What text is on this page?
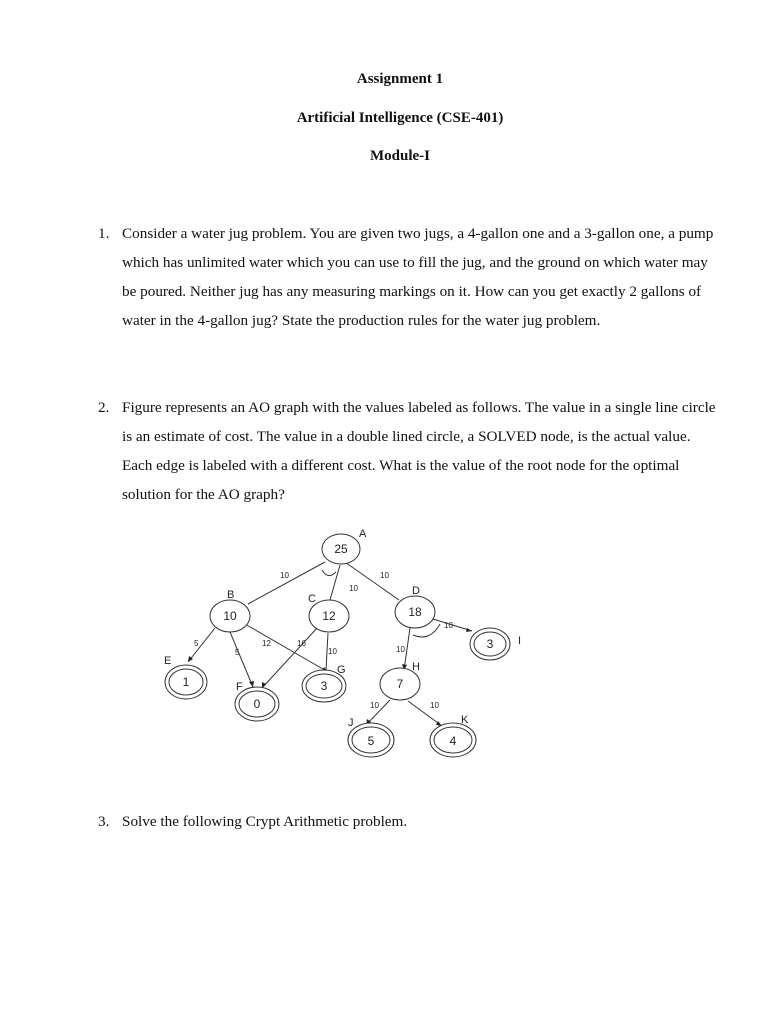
Assignment 1
Artificial Intelligence (CSE-401)
Module-I
1. Consider a water jug problem. You are given two jugs, a 4-gallon one and a 3-gallon one, a pump which has unlimited water which you can use to fill the jug, and the ground on which water may be poured. Neither jug has any measuring markings on it. How can you get exactly 2 gallons of water in the 4-gallon jug? State the production rules for the water jug problem.
2. Figure represents an AO graph with the values labeled as follows. The value in a single line circle is an estimate of cost. The value in a double lined circle, a SOLVED node, is the actual value. Each edge is labeled with a different cost. What is the value of the root node for the optimal solution for the AO graph?
25
10	12	18
1
0
3	7
3
5	4
A
B	C
D
E
F
G	H
I
J	K
10
10
10
5
5
12	16
10	10
10
10	10
3. Solve the following Crypt Arithmetic problem.
